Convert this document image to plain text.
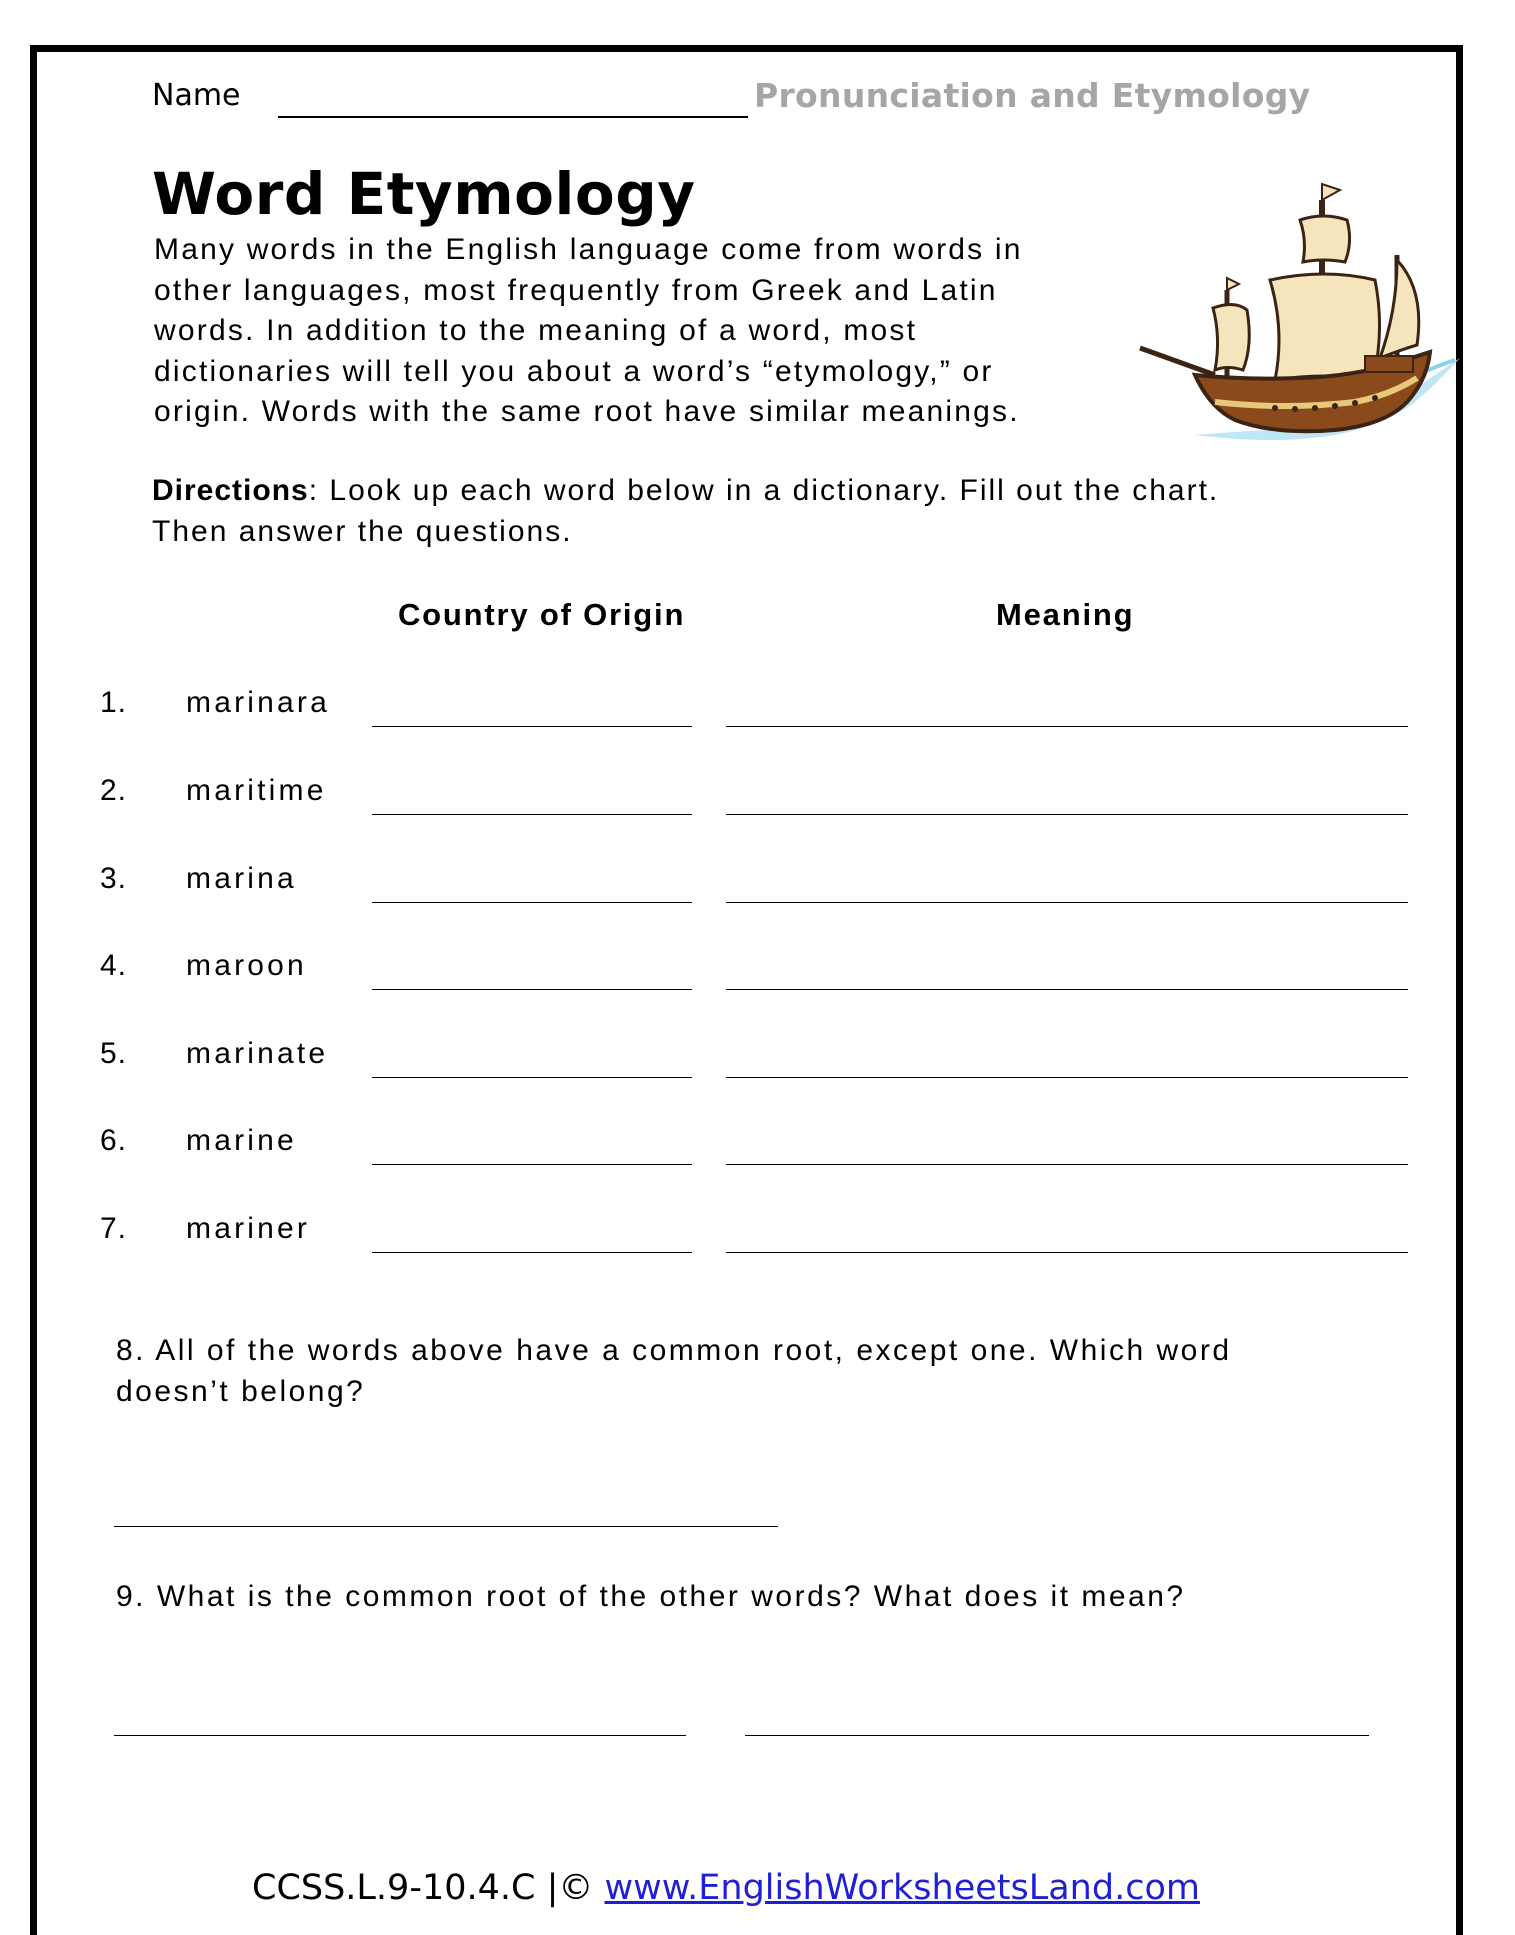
Name	Pronunciation and Etymology
Word Etymology
Many words in the English language come from words in
other languages, most frequently from Greek and Latin
words. In addition to the meaning of a word, most
dictionaries will tell you about a word’s “etymology,” or
origin. Words with the same root have similar meanings.
Directions: Look up each word below in a dictionary. Fill out the chart.
Then answer the questions.
Country of Origin	Meaning
1. marinara
2. maritime
3. marina
4. maroon
5. marinate
6. marine
7. mariner
8. All of the words above have a common root, except one. Which word
doesn’t belong?
9. What is the common root of the other words? What does it mean?
CCSS.L.9-10.4.C |© www.EnglishWorksheetsLand.com
